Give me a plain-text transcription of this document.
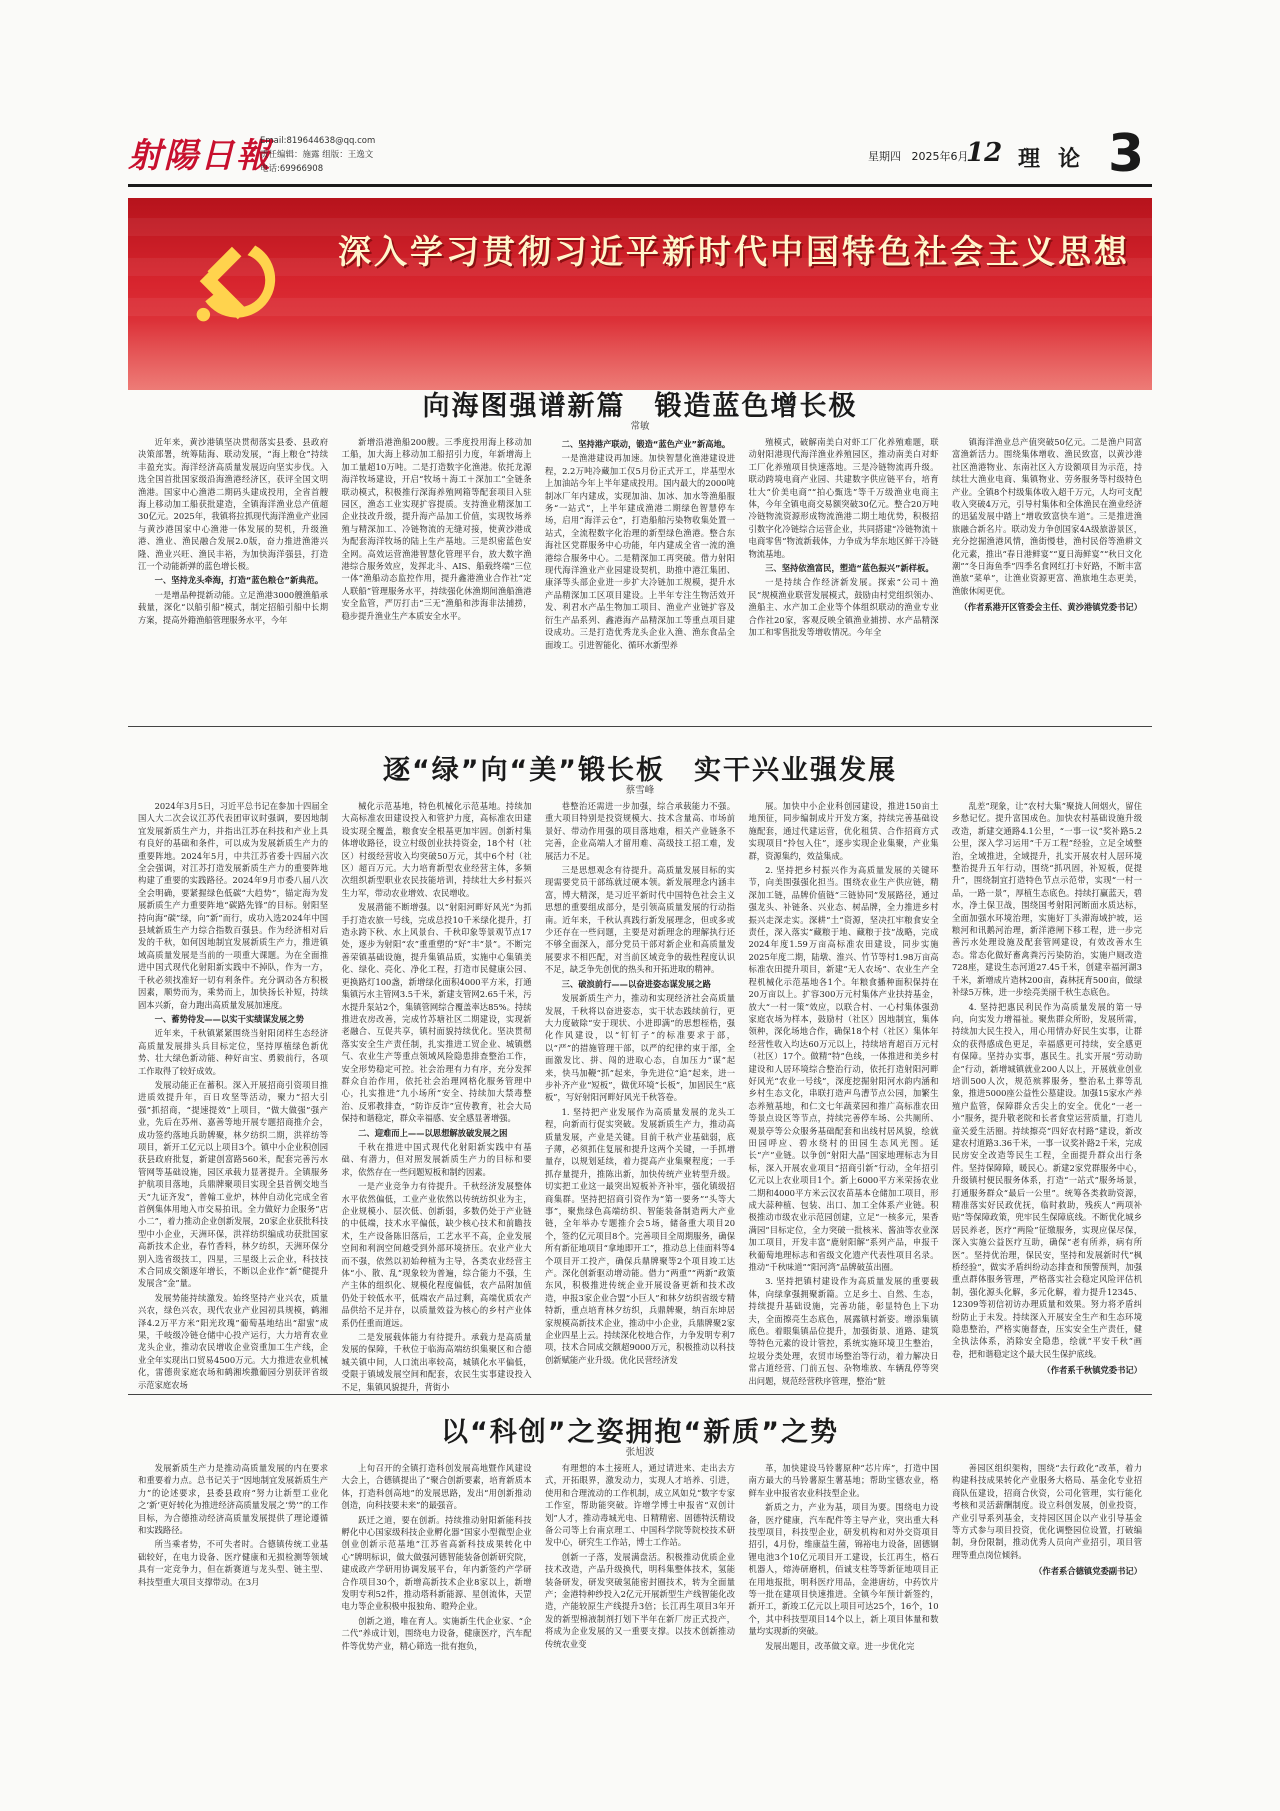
射陽日報
Email:819644638@qq.com
责任编辑：施露 组版：王逸文
电话:69966908
星期四 2025年6月
12 理论 3
深入学习贯彻习近平新时代中国特色社会主义思想
向海图强谱新篇　锻造蓝色增长极
常敏
近年来，黄沙港镇坚决贯彻落实县委、县政府决策部署，统筹陆海、联动发展，“海上粮仓”持续丰盈充实。海洋经济高质量发展迈向坚实步伐。入选全国首批国家级沿海渔港经济区，获评全国文明渔港。国家中心渔港二期码头建成投用，全省首艘海上移动加工船获批建造，全镇海洋渔业总产值超30亿元。2025年，我镇将拉抓现代海洋渔业产业园与黄沙港国家中心渔港一体发展的契机，升级渔港、渔业、渔民融合发展2.0版，奋力推进渔港兴隆、渔业兴旺、渔民丰裕，为加快海洋强县，打造江一个动能新弹的蓝色增长极。
一、坚持龙头牵海，打造“蓝色粮仓”新典范。
一是增品种提新动能。立足渔港3000艘渔船承载量，深化“以船引船”模式，制定招船引船中长期方案，提高外籍渔船管理服务水平，今年
新增沿港渔船200艘。三季度投用海上移动加工船，加大海上移动加工船招引力度，年新增海上加工量超10万吨。二是打造数字化渔港。依托龙源海洋牧场建设，开启“牧场＋海工＋深加工”全链条联动模式，积极推行深海养殖网箱等配套项目入驻园区，渔态工业实现扩容提质。支持渔业精深加工企业技改升级，提升海产品加工价值，实现牧场养殖与精深加工、冷链物流的无缝对接，使黄沙港成为配套海洋牧场的陆上生产基地。三是织密蓝色安全网。高效运营渔港智慧化管理平台，放大数字渔港综合服务效应，发挥北斗、AIS、船载终端“三位一体”渔船动态监控作用，提升鑫港渔业合作社“定人联船”管理服务水平，持续强化休渔期间渔船渔港安全监管，严厉打击“三无”渔船和涉海非法捕捞，稳步提升渔业生产本质安全水平。
二、坚持港产联动，锻造“蓝色产业”新高地。
一是渔港建设再加速。加快智慧化渔港建设进程，2.2万吨冷藏加工仅5月份正式开工，岸基型水上加油站今年上半年建成投用。国内最大的2000吨制冰厂年内建成，实现加油、加冰、加水等渔船服务“一站式”，上半年建成渔港二期绿色智慧停车场，启用“海洋云仓”，打造船舶污染物收集处置一站式，全流程数字化治理的新型绿色渔港。整合东海社区党群服务中心功能，年内建成全省一流的渔港综合服务中心。二是精深加工再突破。借力射阳现代海洋渔业产业园建设契机，助推中港江集团、康泽等头部企业进一步扩大冷链加工规模，提升水产品精深加工区项目建设。上半年专注生物活效开发、利君水产品生物加工项目、渔业产业链扩容及衍生产品系列、鑫港海产品精深加工等重点项目建设成功。三是打造优秀龙头企业入渔、渔东食品全面竣工。引进智能化、循环水新型养
殖模式，破解南美白对虾工厂化养殖难题，联动射阳港现代海洋渔业养殖园区，推动南美白对虾工厂化养殖项目快速落地。三是冷链物流再升级。联动跨境电商产业园、共建数字供应链平台，培育壮大“价美电商”“拍心甄选”等千万级渔业电商主体，今年全镇电商交易额突破30亿元。整合20万吨冷链物流资源形成物流渔港二期土地优势，积极招引数字化冷链综合运营企业，共同搭建“冷链物流＋电商零售”物流新载体，力争成为华东地区鲜干冷链物流基地。
三、坚持依渔富民，塑造“蓝色振兴”新样板。
一是持续合作经济新发展。探索“公司＋渔民”规模渔业联营发展模式，鼓励由村党组织领办、渔船主、水产加工企业等个体组织联动的渔业专业合作社20家，客观反映全镇渔业捕捞、水产品精深加工和零售批发等增收情况。今年全
镇海洋渔业总产值突破50亿元。二是渔户同富富渔新活力。围绕集体增收、渔民致富，以黄沙港社区渔港物业、东南社区入方设额项目为示范，持续壮大渔业电商、集镇物业、劳务服务等村级特色产业。全镇8个村级集体收入超千万元，人均可支配收入突破4万元，引导村集体和全体渔民在渔业经济的迅猛发展中踏上“增收致富快车道”。三是推进渔旅融合新名片。联动发力争创国家4A级旅游景区，充分挖掘渔港风情，渔街慢巷，渔村民俗等渔耕文化元素，推出“春日港鲜宴”“夏日海鲜宴”“秋日文化潮”“冬日海鱼季”四季名食网红打卡好路，不断丰富渔旅“菜单”，让渔业资源更富、渔旅地生态更美，渔旅休闲更优。
（作者系港开区管委会主任、黄沙港镇党委书记）
逐“绿”向“美”锻长板　实干兴业强发展
蔡雪峰
2024年3月5日，习近平总书记在参加十四届全国人大二次会议江苏代表团审议时强调，要因地制宜发展新质生产力，并指出江苏在科技和产业上具有良好的基础和条件，可以成为发展新质生产力的重要阵地。2024年5月，中共江苏省委十四届六次全会强调，对江苏打造发展新质生产力的重要阵地构建了重要的实践路径。2024年9月市委八届八次全会明确，要紧握绿色低碳“大趋势”，锚定海为发展新质生产力重要阵地“碳路先锋”的目标。射阳坚持向海“碳”绿，向“新”而行，成功入选2024年中国县域新质生产力综合指数百强县。作为经济相对后发的千秋，如何因地制宜发展新质生产力，推进镇域高质量发展是当前的一项重大课题。为在全面推进中国式现代化射阳新实践中不掉队，作为一方，千秋必须找准好一切有利条件。充分调动各方积极因素，顺势而为，乘势而上，加快扬长补短，持续固本兴新，奋力跑出高质量发展加速度。
一、蓄势待发——以实干实绩谋发展之势
近年来，千秋镇紧紧围绕当射阳闭样生态经济高质量发展排头兵目标定位，坚持厚植绿色新优势、壮大绿色新动能、种好亩宝、勇毅前行，各项工作取得了较好成效。
发展动能正在蓄积。深入开展招商引资项目推进质效提升年，百日攻坚等活动，聚力“招大引强”抓招商，“提速提效”上项目，“做大做强”强产业，先后在苏州、嘉善等地开展专题招商推介会，成功签约落地兵助牌聚，林夕纺织二期，洪祥纺等项目，新开工亿元以上项目3个。镇中小企业积创园获县政府批复，新建创富路560米，配套完善污水管网等基础设施，园区承载力显著提升。全镇服务护航项目落地，兵鼎牌聚项目实现全县首例交地当天“九证齐发”，普翰工业炉，林仲自动化完成全省首例集体用地入市交易拍讯。全力做好力企服务“店小二”，着力推动企业创新发展，20家企业获批科技型中小企业，天洲环保，洪祥纺织编成功获批国家高新技术企业，春竹香料，林夕纺织，天洲环保分别入选省级技工，四星，三星级上云企业，科技技术合同成交额逐年增长，不断以企业作“新”健提升发展含“金”量。
发展势能持续激发。始终坚持产业兴农，质量兴农，绿色兴农，现代农业产业园初具规模，鹤湘泽4.2万平方米“阳光玫瑰”葡萄基地结出“甜蜜”成果，千岐级冷链仓储中心投产运行，大力培育农业龙头企业，推动农民增收企业资重加工生产线，企业全年实现出口贸易4500万元。大力推进农业机械化，雷德贵家庭农场和鹤湘埃撒葡园分别获评省级示范家庭农场
械化示范基地，特色机械化示范基地。持续加大高标准农田建设投入和管护力度，高标准农田建设实现全覆盖，粮食安全根基更加牢固。创新村集体增收路径，设立村级创业扶持资金，18个村（社区）村级经营收入均突破50万元，其中6个村（社区）超百万元。大力培育新型农业经营主体，多频次组织新型职业农民技能培训，持续壮大乡村振兴生力军，带动农业增效、农民增收。
发展潜能不断增强。以“射阳河畔好风光”为抓手打造农旅一号线，完成总投10千米绿化提升，打造永跨下秋、水上风景台、千秋印象等景观节点17处，逐步为射阳“农”重重塑的“好”丰“景”。不断完善荣镇基础设施，提升集镇品质，实施中心集镇美化、绿化、亮化、净化工程，打造市民健康公园、更换路灯100盏，新增绿化面积4000平方米，打通集镇污水主管网3.5千米，新建支管网2.65千米，污水提升泵站2个，集镇管网综合覆盖率达85%。持续推进农房改善，完成竹苏塘社区二期建设，实现新老融合、互促共享，镇村面貌持续优化。坚决贯彻落实安全生产责任制，扎实推进工贸企业、城镇燃气、农业生产等重点领域风险隐患排查整治工作，安全形势稳定可控。社会治理有力有序，充分发挥群众自治作用，依托社会治理网格化服务管理中心，扎实推进“九小场所”安全、持续加大禁毒整治、反邪教排查，“防诈反诈”宣传教育，社会大局保持和谐稳定，群众幸福感、安全感显著增强。
二、迎难而上——以思想解放破发展之困
千秋在推进中国式现代化射阳新实践中有基础、有潜力，但对照发展新质生产力的目标和要求，依然存在一些问题短板和制约因素。
一是产业竞争力有待提升。千秋经济发展整体水平依然偏低，工业产业依然以传统纺织业为主，企业规模小、层次低、创新弱，多数仍处于产业链的中低端，技术水平偏低，缺少核心技术和前瞻技术，生产设备陈旧落后，工艺水平不高，企业发展空间和利润空间越受到外部环境挤压。农业产业大而不强，依然以初始种植为主导，各类农业经营主体“小、散、乱”现象较为普遍，综合能力不强，生产主体的组织化、规模化程度偏低，农产品附加值仍处于较低水平，低端农产品过剩，高端优质农产品供给不足并存，以质量效益为核心的乡村产业体系仍任重而道远。
二是发展载体能力有待提升。承载力是高质量发展的保障，千秋位于临海高端纺织集聚区和合德城关镇中间，人口流出率较高，城镇化水平偏低，受限于镇域发展空间和配套，农民生实事建设投入不足，集镇风貌提升，背街小
巷整治还需进一步加强，综合承载能力不强。重大项目特别是投资规模大、技术含量高、市场前景好、带动作用强的项目落地难，相关产业链条不完善，企业高端人才留用难、高级技工招工难，发展活力不足。
三是思想观念有待提升。高质量发展目标的实现需要党员干部练就过硬本领。新发展理念内涵丰富，博大精深，是习近平新时代中国特色社会主义思想的重要组成部分，是引领高质量发展的行动指南。近年来，千秋认真践行新发展理念，但或多或少还存在一些问题，主要是对新理念的理解执行还不够全面深入，部分党员干部对新企业和高质量发展要求不相匹配，对当前区域竞争的载性程度认识不足，缺乏争先创优的热头和开拓进取的精神。
三、破浪前行——以奋进姿态谋发展之路
发展新质生产力，推动和实现经济社会高质量发展，千秋将以奋进姿态，实干状态践续前行，更大力度破除“安于现状、小进即满”的思想桎梏，强化作风建设，以“钉钉子”的标准要求于部，以“严”的措施管理干部，以严的纪律约束于部，全面激发比、拼、闯的进取心态，自加压力“谋”起来，快马加鞭“抓”起来，争先进位“追”起来，进一步补齐产业“短板”，做优环境“长板”，加固民生“底板”，写好射阳河畔好风光千秋答卷。
1. 坚持把产业发展作为高质量发展的龙头工程，向新而行促实突破。发展新质生产力，推动高质量发展，产业是关键。目前千秋产业基础弱，底子薄，必须抓住复展和提升这两个关键，一手抓增量存，以规划延续，着力提高产业集聚程度；一手抓存量提升，推陈出新，加快传统产业转型升级。切实把工业这一最突出短板补齐补牢，强化镇级招商集群。坚持把招商引资作为“第一要务”“头等大事”，聚焦绿色高端纺织、智能装备制造两大产业链，全年举办专题推介会5场，储备重大项目20个，签约亿元项目8个。完善项目全周期服务，确保所有新征地项目“拿地即开工”，推动总上佳面料等4个项目开工投产，确保兵鼎牌聚等2个项目竣工达产。深化创新驱动增动能。借力“两重”“两新”政策东风，积极推进传统企业开展设备更新和技术改造，申报3家企业合盟“小巨人”和林夕纺织省级专精特新，重点培育林夕纺织，兵鼎牌聚，纳百东坤居家规模高新技术企业，推动中小企业，兵鼎牌聚2家企业四星上云。持续深化校地合作，力争发明专利7项，技术合同成交额超9000万元，积极推动以科技创新赋能产业升级。优化民营经济发
展。加快中小企业科创园建设，推进150亩土地预征，同步编制成片开发方案，持续完善基础设施配套，通过代建运营，优化租赁、合作招商方式实现项目“拎包入住”，逐步实现企业集聚，产业集群，资源集约，效益集成。
2. 坚持把乡村振兴作为高质量发展的关键环节，向美围强强化担当。围绕农业生产供应链，精深加工链，品牌价值链“三链协同”发展路径，通过强龙头、补链条、兴业态、树品牌，全力推进乡村振兴走深走实。深耕“土”资源，坚决扛牢粮食安全责任，深入落实“藏粮于地、藏粮于技”战略，完成2024年度1.59万亩高标准农田建设，同步实施2025年度二期，陆墩、淮兴、竹节等村1.98万亩高标准农田提升项目，新建“无人农场”、农业生产全程机械化示范基地各1个。年粮食播种面积保持在20万亩以上。扩容300万元村集体产业扶持基金，放大“一村一策”效应，以联合村、一心村集体强劲家庭农场为样本，鼓励村（社区）因地制宜，集体领种，深化场地合作，确保18个村（社区）集体年经营性收入均达60万元以上，持续培育超百万元村（社区）17个。做精“特”色线，一体推进和美乡村建设和人居环境综合整治行动，依托打造射阳河畔好风光“农业一号线”，深度挖掘射阳河水韵内涵和乡村生态文化，串联打造声鸟漕节点公园，加繁生态养殖基地，和仁文七年蔬菜园和推广高标准农田等景点设区等节点，持续完善停车场、公共厕所、观景亭等公众服务基础配套和出线村居风貌，绘就田园呼应、碧水绕村的田园生态风光图。延长“产”业链。以争创“射阳大晶”国家地理标志为目标，深入开展农业项目“招商引新”行动，全年招引亿元以上农业项目1个。新上6000平方米荣扬农业二期和4000平方米云汉农苗基本仓储加工项目，形成大蒜种植、包装、出口、加工全体系产业链。积极推动市级农业示范园创建，立足“一核多元，果香满园”目标定位，全力突破一批核米、酱油等农业深加工项目，开发丰富“鹿射阳解”系列产品，申报千秋葡萄地理标志和省级文化遗产代表性项目名录。推动“千秋味道”“阳河湾”品牌破茧出圈。
3. 坚持把镇村建设作为高质量发展的重要载体，向绿拿强拥聚新篇。立足乡土、自然、生态，持续提升基础设施，完善功能，彰显特色上下功夫，全面擦亮生态底色，展露镇村新姿。增添集镇底色。着眼集镇品位提升，加强街景、道路、建筑等特色元素的设计管控，系统实施环境卫生整治，垃圾分类处理，农贸市场整治等行动，着力解决日常占道经营、门前五包、杂物堆放、车辆乱停等突出问题，规范经营秩序管理，整治“脏
乱差”现象，让“农村大集”聚拢人间烟火，留住乡愁记忆。提升富国成色。加快农村基础设施升级改造，新建交通路4.1公里，“一事一议”奖补路5.2公里，深入学习运用“千万工程”经验，立足全域整治，全域推进，全域提升，扎实开展农村人居环境整治提升五年行动，围绕“抓巩固，补短板，促提升”，围绕制宜打造特色节点示范带，实现“一村一品，一路一景”，厚植生态底色。持续打赢蓝天，碧水，净土保卫战，围绕国考射阳河断面水质达标，全面加强水环境治理，实施好丁头滞海域护坡，运粮河和讯鹅河治理，新洋港闸下移工程，进一步完善污水处理设施及配套管网建设，有效改善水生态。常态化做好畜禽粪污污染防治，实施户厕改造728座，建设生态河道27.45千米，创建幸福河湖3千米，新增成片造林200亩，森林抚育500亩，做绿补绿5万株，进一步绘亮美丽千秋生态底色。
4. 坚持把惠民利民作为高质量发展的第一导向，向实发力增福祉。聚焦群众所盼，发展所需，持续加大民生投入，用心用情办好民生实事，让群众的获得感成色更足，幸福感更可持续，安全感更有保障。坚持办实事，惠民生。扎实开展“劳动助企”行动，新增城镇就业200人以上，开展就业创业培训500人次，规范殡葬服务，整治私土葬等乱象，推进5000座公益性公墓建设。加强15家水产养殖户监管，保障群众舌尖上的安全。优化“一老一小”服务，提升敬老院和长者食堂运营质量，打造儿童关爱生活圈。持续擦亮“四好农村路”建设，新改建农村道路3.36千米，一事一议奖补路2千米，完成民房安全改造等民生工程，全面提升群众出行条件。坚持保障障，暖民心。新建2家党群服务中心，升级镇村便民服务体系，打造“一站式”服务场景，打通服务群众“最后一公里”。统筹各类救助资源，精准落实好民政优抚，临时救助，残疾人“两项补贴”等保障政策，兜牢民生保障底线。不断优化城乡居民养老，医疗“两险”征缴服务，实现应保尽保，深入实施公益医疗互助，确保“老有所养，病有所医”。坚持优治理，保民安，坚持和发展新时代“枫桥经验”，做实矛盾纠纷动态排查和预警预判，加强重点群体服务管理，严格落实社会稳定风险评估机制，强化源头化解，多元化解，着力提升12345、12309等初信初访办理质量和效果。努力将矛盾纠纷防止于未发。持续深入开展安全生产和生态环境隐患整治，严格实施督查，压实安全生产责任，健全执法体系，消除安全隐患，绘就“平安千秋”画卷，把和谐稳定这个最大民生保护底线。
（作者系千秋镇党委书记）
以“科创”之姿拥抱“新质”之势
张旭波
发展新质生产力是推动高质量发展的内在要求和重要着力点。总书记关于“因地制宜发展新质生产力”的论述要求，县委县政府“努力让新型工业化之‘新’更好转化为推进经济高质量发展之‘势’”的工作目标，为合德推动经济高质量发展提供了理论遵循和实践路径。
所当乘者势，不可失者时。合德镇传统工业基础较好，在电力设备、医疗健康和无损检测等领域具有一定竞争力，但在新赛道与龙头型、链主型、科技型重大项目支撑带动。在3月
上旬召开的全镇打造科创发展高地暨作风建设大会上，合德镇提出了“聚合创新要素，培育新质本体，打造科创高地”的发展思路，发出“用创新推动创造，向科技要未来”的最强音。
跃迁之道，要在创新。持续推动射阳新能科技孵化中心国家级科技企业孵化器“国家小型微型企业创业创新示范基地”江苏省高新科技成果转化中心”牌明标识，做大做强河德智能装备创新研究院，建成政产学研用协调发展平台，年内新签约产学研合作项目30个，新增高新技术企业8家以上，新增发明专利52件，推动塔科新能源、星创流体，天罡电力等企业积极申报独角、瞪羚企业。
创新之道，唯在育人。实施新生代企业家、“企二代”养成计划，围绕电力设备，健康医疗，汽车配件等优势产业，精心筛选一批有抱负，
有理想的本土接班人，通过请进来、走出去方式，开拓眼界，激发动力，实现人才培养、引进，使用和合理流动的工作机制，成立风如兑“数字专家工作室，帮助能突破。许增学博士申报省“双创计划”人才，推动毒城光电、日精精密、固德特沃精设备公司等上台南京理工、中国科学院等院校技术研发中心，研究生工作站，博士工作站。
创新一子落，发展满盘活。积极推动优质企业技术改造，产品升级换代，明科集整体技术，氢能装备研发，研发突破氢能密封圈技术，转为全面量产；金港特种纱投入2亿元开展新型生产线智能化改造，产能较原生产线提升3倍；长江再生项目3年开发的新型棉液制剂打划下半年在新厂房正式投产，将成为企业发展的又一重要支撑。以技术创新推动传统农业变
革，加快建设马铃薯原种“芯片库”，打造中国南方最大的马铃薯原生薯基地；帮助宝德农业，格鲜车业申报省农业科技型企业。
新质之力，产业为基，项目为要。围绕电力设备，医疗健康，汽车配件等主导产业，突出重大科技型项目，科技型企业，研发机构和对外交资项目招引，4月份，维康益生菌，锦裕电力设备，固德钢锂电池3个10亿元项目开工建设，长江再生，格石机器人，熔涛研磨机，佰诚支柱等等新征地项目正在用地报批，明科医疗用品，金港唐纺，中药饮片等一批在建项目快速推进。全镇今年预计新签约，新开工，新竣工亿元以上项目可达25个，16个，10个，其中科技型项目14个以上，新上项目体量和数量均实现新的突破。
发展出题目，改革做文章。进一步优化完
善园区组织架构，围绕“去行政化”改革，着力构建科技成果转化产业服务大格局、基金化专业招商队伍建设，招商合伙资，公司化管理，实行能化考核和灵活薪酬制度。设立科创发展，创业投资，产业引导系列基金，支持园区国企以产业引导基金等方式参与项目投资，优化调整园位设置，打破编制，身份限制，推动优秀人员向产业招引，项目管理等重点岗位倾斜。
（作者系合德镇党委副书记）
